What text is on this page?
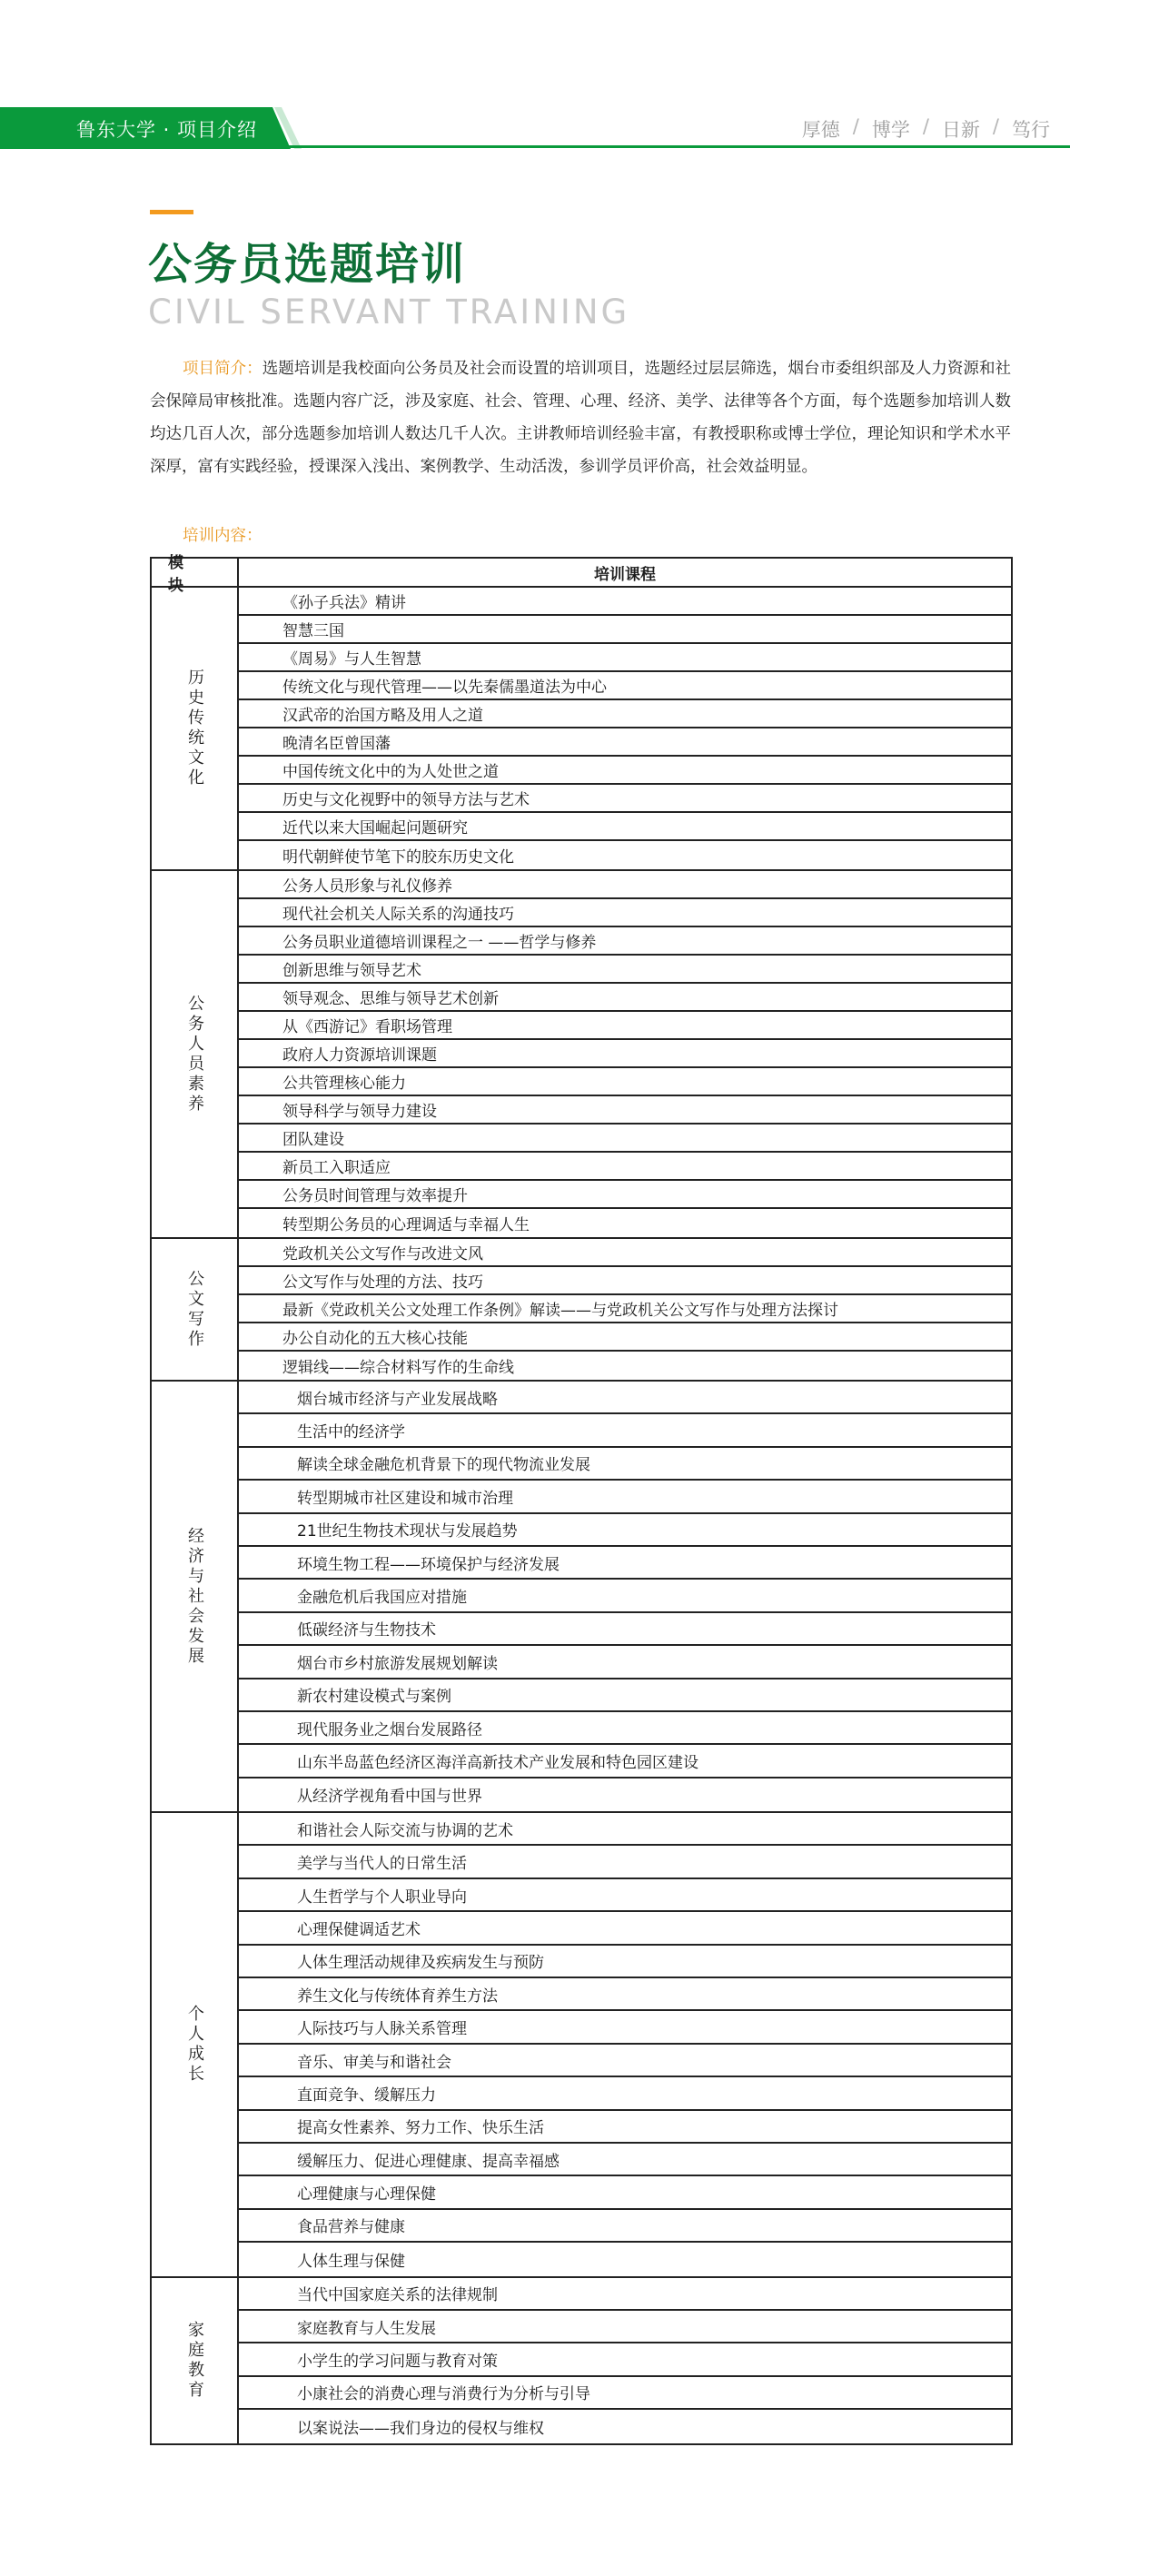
鲁东大学 · 项目介绍	厚德 / 博学 / 日新 / 笃行
公务员选题培训
CIVIL SERVANT TRAINING
项目简介：选题培训是我校面向公务员及社会而设置的培训项目，选题经过层层筛选，烟台市委组织部及人力资源和社会保障局审核批准。选题内容广泛，涉及家庭、社会、管理、心理、经济、美学、法律等各个方面，每个选题参加培训人数均达几百人次，部分选题参加培训人数达几千人次。主讲教师培训经验丰富，有教授职称或博士学位，理论知识和学术水平深厚，富有实践经验，授课深入浅出、案例教学、生动活泼，参训学员评价高，社会效益明显。
培训内容：
模 块
培训课程
历史传统文化
《孙子兵法》精讲
智慧三国
《周易》与人生智慧
传统文化与现代管理——以先秦儒墨道法为中心
汉武帝的治国方略及用人之道
晚清名臣曾国藩
中国传统文化中的为人处世之道
历史与文化视野中的领导方法与艺术
近代以来大国崛起问题研究
明代朝鲜使节笔下的胶东历史文化
公务人员素养
公务人员形象与礼仪修养
现代社会机关人际关系的沟通技巧
公务员职业道德培训课程之一 ——哲学与修养
创新思维与领导艺术
领导观念、思维与领导艺术创新
从《西游记》看职场管理
政府人力资源培训课题
公共管理核心能力
领导科学与领导力建设
团队建设
新员工入职适应
公务员时间管理与效率提升
转型期公务员的心理调适与幸福人生
公文写作
党政机关公文写作与改进文风
公文写作与处理的方法、技巧
最新《党政机关公文处理工作条例》解读——与党政机关公文写作与处理方法探讨
办公自动化的五大核心技能
逻辑线——综合材料写作的生命线
经济与社会发展
烟台城市经济与产业发展战略
生活中的经济学
解读全球金融危机背景下的现代物流业发展
转型期城市社区建设和城市治理
21世纪生物技术现状与发展趋势
环境生物工程——环境保护与经济发展
金融危机后我国应对措施
低碳经济与生物技术
烟台市乡村旅游发展规划解读
新农村建设模式与案例
现代服务业之烟台发展路径
山东半岛蓝色经济区海洋高新技术产业发展和特色园区建设
从经济学视角看中国与世界
个人成长
和谐社会人际交流与协调的艺术
美学与当代人的日常生活
人生哲学与个人职业导向
心理保健调适艺术
人体生理活动规律及疾病发生与预防
养生文化与传统体育养生方法
人际技巧与人脉关系管理
音乐、审美与和谐社会
直面竞争、缓解压力
提高女性素养、努力工作、快乐生活
缓解压力、促进心理健康、提高幸福感
心理健康与心理保健
食品营养与健康
人体生理与保健
家庭教育
当代中国家庭关系的法律规制
家庭教育与人生发展
小学生的学习问题与教育对策
小康社会的消费心理与消费行为分析与引导
以案说法——我们身边的侵权与维权
